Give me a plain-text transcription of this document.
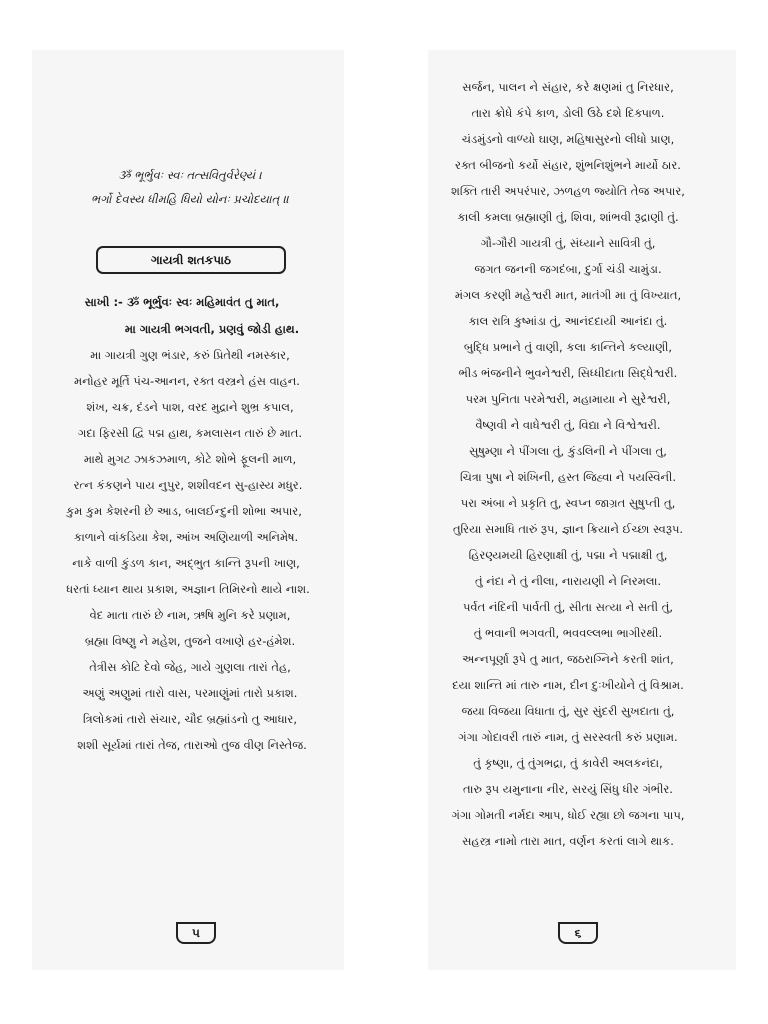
ૐ ભૂર્ભુવઃ સ્વઃ તત્સવિતુર્વરેણ્યં ।
ભર્ગો દેવસ્ય ધીમહિ ધિયો યોનઃ પ્રચોદયાત્ ॥
ગાયત્રી શતકપાઠ
સાખી :- ૐ ભૂર્ભુવઃ સ્વઃ મહિમાવંત તુ માત,
મા ગાયત્રી ભગવતી, પ્રણવું જોડી હાથ.
મા ગાયત્રી ગુણ ભંડાર, કરું પ્રિતેથી નમસ્કાર,
મનોહર મૂર્તિ પંચ-આનન, રક્ત વસ્ત્રને હંસ વાહન.
શંખ, ચક્ર, દંડને પાશ, વરદ મુદ્રાને શુભ્ર કપાલ,
ગદા ફિરસી દ્વિ પદ્મ હાથ, કમલાસન તારું છે માત.
માથે મુગટ ઝાકઝમાળ, કોટે શોભે ફૂલની માળ,
રત્ન કંકણને પાય નુપુર, શશીવદન સુ-હાસ્ય મધુર.
કુમ કુમ કેશરની છે આડ, બાલઈન્દુની શોભા અપાર,
કાળાને વાંકડિયા કેશ, આંખ અણિયાળી અનિમેષ.
નાકે વાળી કુંડળ કાન, અદ્ભુત કાન્તિ રૂપની ખાણ,
ધરતાં ધ્યાન થાય પ્રકાશ, અજ્ઞાન તિમિરનો થાયે નાશ.
વેદ માતા તારું છે નામ, ઋષિ મુનિ કરે પ્રણામ,
બ્રહ્મા વિષ્ણુ ને મહેશ, તુજને વખાણે હર-હંમેશ.
તેત્રીસ કોટિ દેવો જેહ, ગાયે ગુણલા તારાં તેહ,
અણું અણુમાં તારો વાસ, પરમાણુંમાં તારો પ્રકાશ.
ત્રિલોકમાં તારો સંચાર, ચૌદ બ્રહ્માંડનો તુ આધાર,
શશી સૂર્યમાં તારાં તેજ, તારાઓ તુજ વીણ નિસ્તેજ.
૫
સર્જન, પાલન ને સંહાર, કરે ક્ષણમાં તુ નિરધાર,
તારા ક્રોધે કંપે કાળ, ડોલી ઉઠે દશે દિક્પાળ.
ચંડમુંડનો વાળ્યો ઘાણ, મહિષાસુરનો લીધો પ્રાણ,
રક્ત બીજનો કર્યો સંહાર, શુંભનિશુંભને માર્યો ઠાર.
શક્તિ તારી અપરંપાર, ઝળહળ જ્યોતિ તેજ અપાર,
કાલી કમલા બ્રહ્માણી તું, શિવા, શાંભવી રૂદ્રાણી તું.
ગૌ-ગૌરી ગાયત્રી તું, સંધ્યાને સાવિત્રી તું,
જગત જનની જગદંબા, દુર્ગા ચંડી ચામુંડા.
મંગલ કરણી મહેશ્વરી માત, માતંગી મા તું વિખ્યાત,
કાલ રાત્રિ કુષ્માંડા તું, આનંદદાયી આનંદા તું.
બુદ્ધિ પ્રભાને તું વાણી, કલા કાન્તિને કલ્યાણી,
ભીડ ભંજનીને ભુવનેશ્વરી, સિધ્ધીદાતા સિદ્ધેશ્વરી.
પરમ પુનિતા પરમેશ્વરી, મહામાયા ને સુરેશ્વરી,
વૈષ્ણવી ને વાધેશ્વરી તું, વિદ્યા ને વિશ્વેશ્વરી.
સુષુમ્ણા ને પીંગલા તું, કુંડલિની ને પીંગલા તુ,
ચિત્રા પુષા ને શંખિની, હસ્ત જિહ્વા ને પયસ્વિની.
પરા અંબા ને પ્રકૃતિ તુ, સ્વપ્ન જાગ્રત સુષુપ્તી તુ,
તુરિયા સમાધિ તારું રૂપ, જ્ઞાન ક્રિયાને ઈચ્છા સ્વરૂપ.
હિરણ્યમયી હિરણાક્ષી તું, પદ્મા ને પદ્માક્ષી તુ,
તું નંદા ને તું નીલા, નારાયણી ને નિરમલા.
પર્વત નંદિની પાર્વતી તું, સીતા સત્યા ને સતી તું,
તું ભવાની ભગવતી, ભવવલ્લભા ભાગીરથી.
અન્નપૂર્ણા રૂપે તુ માત, જઠરાગ્નિને કરતી શાંત,
દયા શાન્તિ માં તારુ નામ, દીન દુઃખીયોને તું વિશ્રામ.
જયા વિજયા વિધાતા તું, સુર સુંદરી સુખદાતા તું,
ગંગા ગોદાવરી તારું નામ, તું સરસ્વતી કરું પ્રણામ.
તું કૃષ્ણા, તું તુંગભદ્રા, તું કાવેરી અલકનંદા,
તારુ રૂપ યમુનાના નીર, સરયું સિંધુ ધીર ગંભીર.
ગંગા ગોમતી નર્મદા આપ, ધોઈ રહ્યા છો જગના પાપ,
સહસ્ત્ર નામો તારા માત, વર્ણન કરતાં લાગે થાક.
૬
